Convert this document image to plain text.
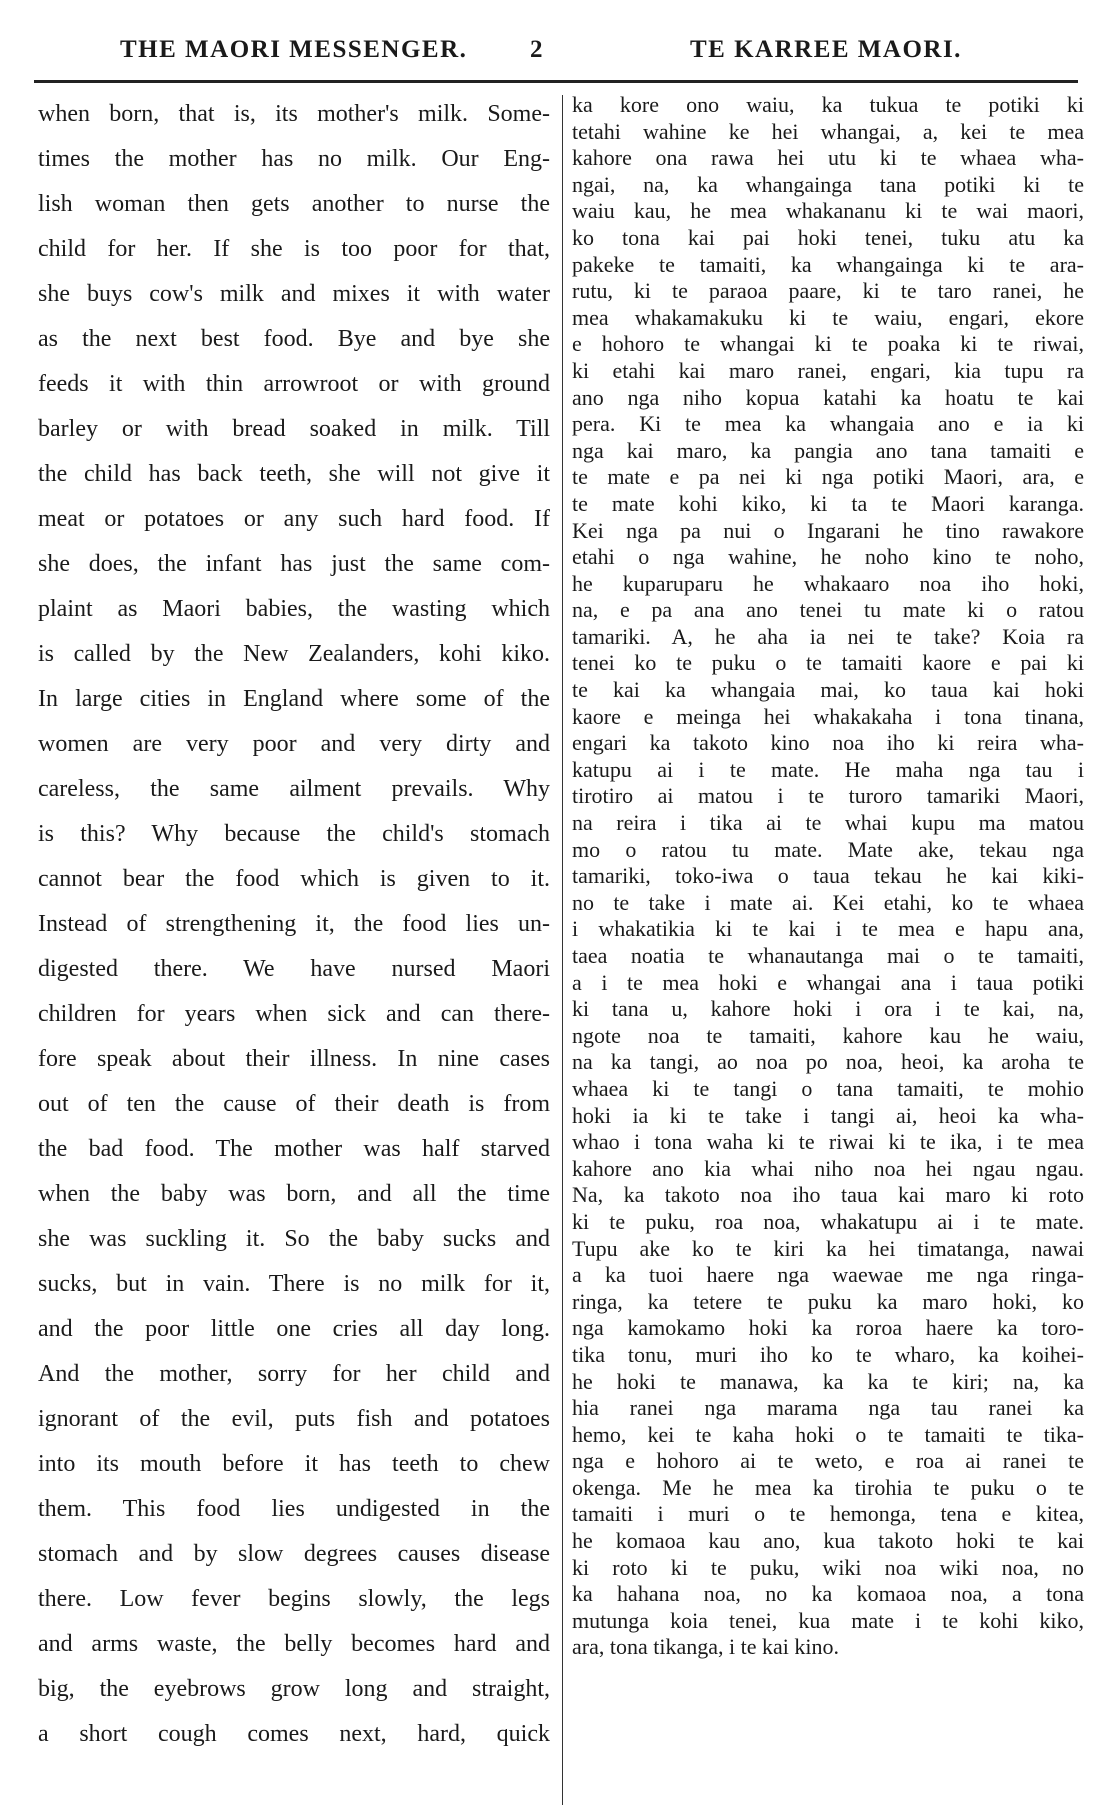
THE MAORI MESSENGER.	2	TE KARREE MAORI.
when born, that is, its mother's milk. Some-
times the mother has no milk. Our Eng-
lish woman then gets another to nurse the
child for her. If she is too poor for that,
she buys cow's milk and mixes it with water
as the next best food. Bye and bye she
feeds it with thin arrowroot or with ground
barley or with bread soaked in milk. Till
the child has back teeth, she will not give it
meat or potatoes or any such hard food. If
she does, the infant has just the same com-
plaint as Maori babies, the wasting which
is called by the New Zealanders, kohi kiko.
In large cities in England where some of the
women are very poor and very dirty and
careless, the same ailment prevails. Why
is this? Why because the child's stomach
cannot bear the food which is given to it.
Instead of strengthening it, the food lies un-
digested there. We have nursed Maori
children for years when sick and can there-
fore speak about their illness. In nine cases
out of ten the cause of their death is from
the bad food. The mother was half starved
when the baby was born, and all the time
she was suckling it. So the baby sucks and
sucks, but in vain. There is no milk for it,
and the poor little one cries all day long.
And the mother, sorry for her child and
ignorant of the evil, puts fish and potatoes
into its mouth before it has teeth to chew
them. This food lies undigested in the
stomach and by slow degrees causes disease
there. Low fever begins slowly, the legs
and arms waste, the belly becomes hard and
big, the eyebrows grow long and straight,
a short cough comes next, hard, quick
ka kore ono waiu, ka tukua te potiki ki
tetahi wahine ke hei whangai, a, kei te mea
kahore ona rawa hei utu ki te whaea wha-
ngai, na, ka whangainga tana potiki ki te
waiu kau, he mea whakananu ki te wai maori,
ko tona kai pai hoki tenei, tuku atu ka
pakeke te tamaiti, ka whangainga ki te ara-
rutu, ki te paraoa paare, ki te taro ranei, he
mea whakamakuku ki te waiu, engari, ekore
e hohoro te whangai ki te poaka ki te riwai,
ki etahi kai maro ranei, engari, kia tupu ra
ano nga niho kopua katahi ka hoatu te kai
pera. Ki te mea ka whangaia ano e ia ki
nga kai maro, ka pangia ano tana tamaiti e
te mate e pa nei ki nga potiki Maori, ara, e
te mate kohi kiko, ki ta te Maori karanga.
Kei nga pa nui o Ingarani he tino rawakore
etahi o nga wahine, he noho kino te noho,
he kuparuparu he whakaaro noa iho hoki,
na, e pa ana ano tenei tu mate ki o ratou
tamariki. A, he aha ia nei te take? Koia ra
tenei ko te puku o te tamaiti kaore e pai ki
te kai ka whangaia mai, ko taua kai hoki
kaore e meinga hei whakakaha i tona tinana,
engari ka takoto kino noa iho ki reira wha-
katupu ai i te mate. He maha nga tau i
tirotiro ai matou i te turoro tamariki Maori,
na reira i tika ai te whai kupu ma matou
mo o ratou tu mate. Mate ake, tekau nga
tamariki, toko-iwa o taua tekau he kai kiki-
no te take i mate ai. Kei etahi, ko te whaea
i whakatikia ki te kai i te mea e hapu ana,
taea noatia te whanautanga mai o te tamaiti,
a i te mea hoki e whangai ana i taua potiki
ki tana u, kahore hoki i ora i te kai, na,
ngote noa te tamaiti, kahore kau he waiu,
na ka tangi, ao noa po noa, heoi, ka aroha te
whaea ki te tangi o tana tamaiti, te mohio
hoki ia ki te take i tangi ai, heoi ka wha-
whao i tona waha ki te riwai ki te ika, i te mea
kahore ano kia whai niho noa hei ngau ngau.
Na, ka takoto noa iho taua kai maro ki roto
ki te puku, roa noa, whakatupu ai i te mate.
Tupu ake ko te kiri ka hei timatanga, nawai
a ka tuoi haere nga waewae me nga ringa-
ringa, ka tetere te puku ka maro hoki, ko
nga kamokamo hoki ka roroa haere ka toro-
tika tonu, muri iho ko te wharo, ka koihei-
he hoki te manawa, ka ka te kiri; na, ka
hia ranei nga marama nga tau ranei ka
hemo, kei te kaha hoki o te tamaiti te tika-
nga e hohoro ai te weto, e roa ai ranei te
okenga. Me he mea ka tirohia te puku o te
tamaiti i muri o te hemonga, tena e kitea,
he komaoa kau ano, kua takoto hoki te kai
ki roto ki te puku, wiki noa wiki noa, no
ka hahana noa, no ka komaoa noa, a tona
mutunga koia tenei, kua mate i te kohi kiko,
ara, tona tikanga, i te kai kino.
